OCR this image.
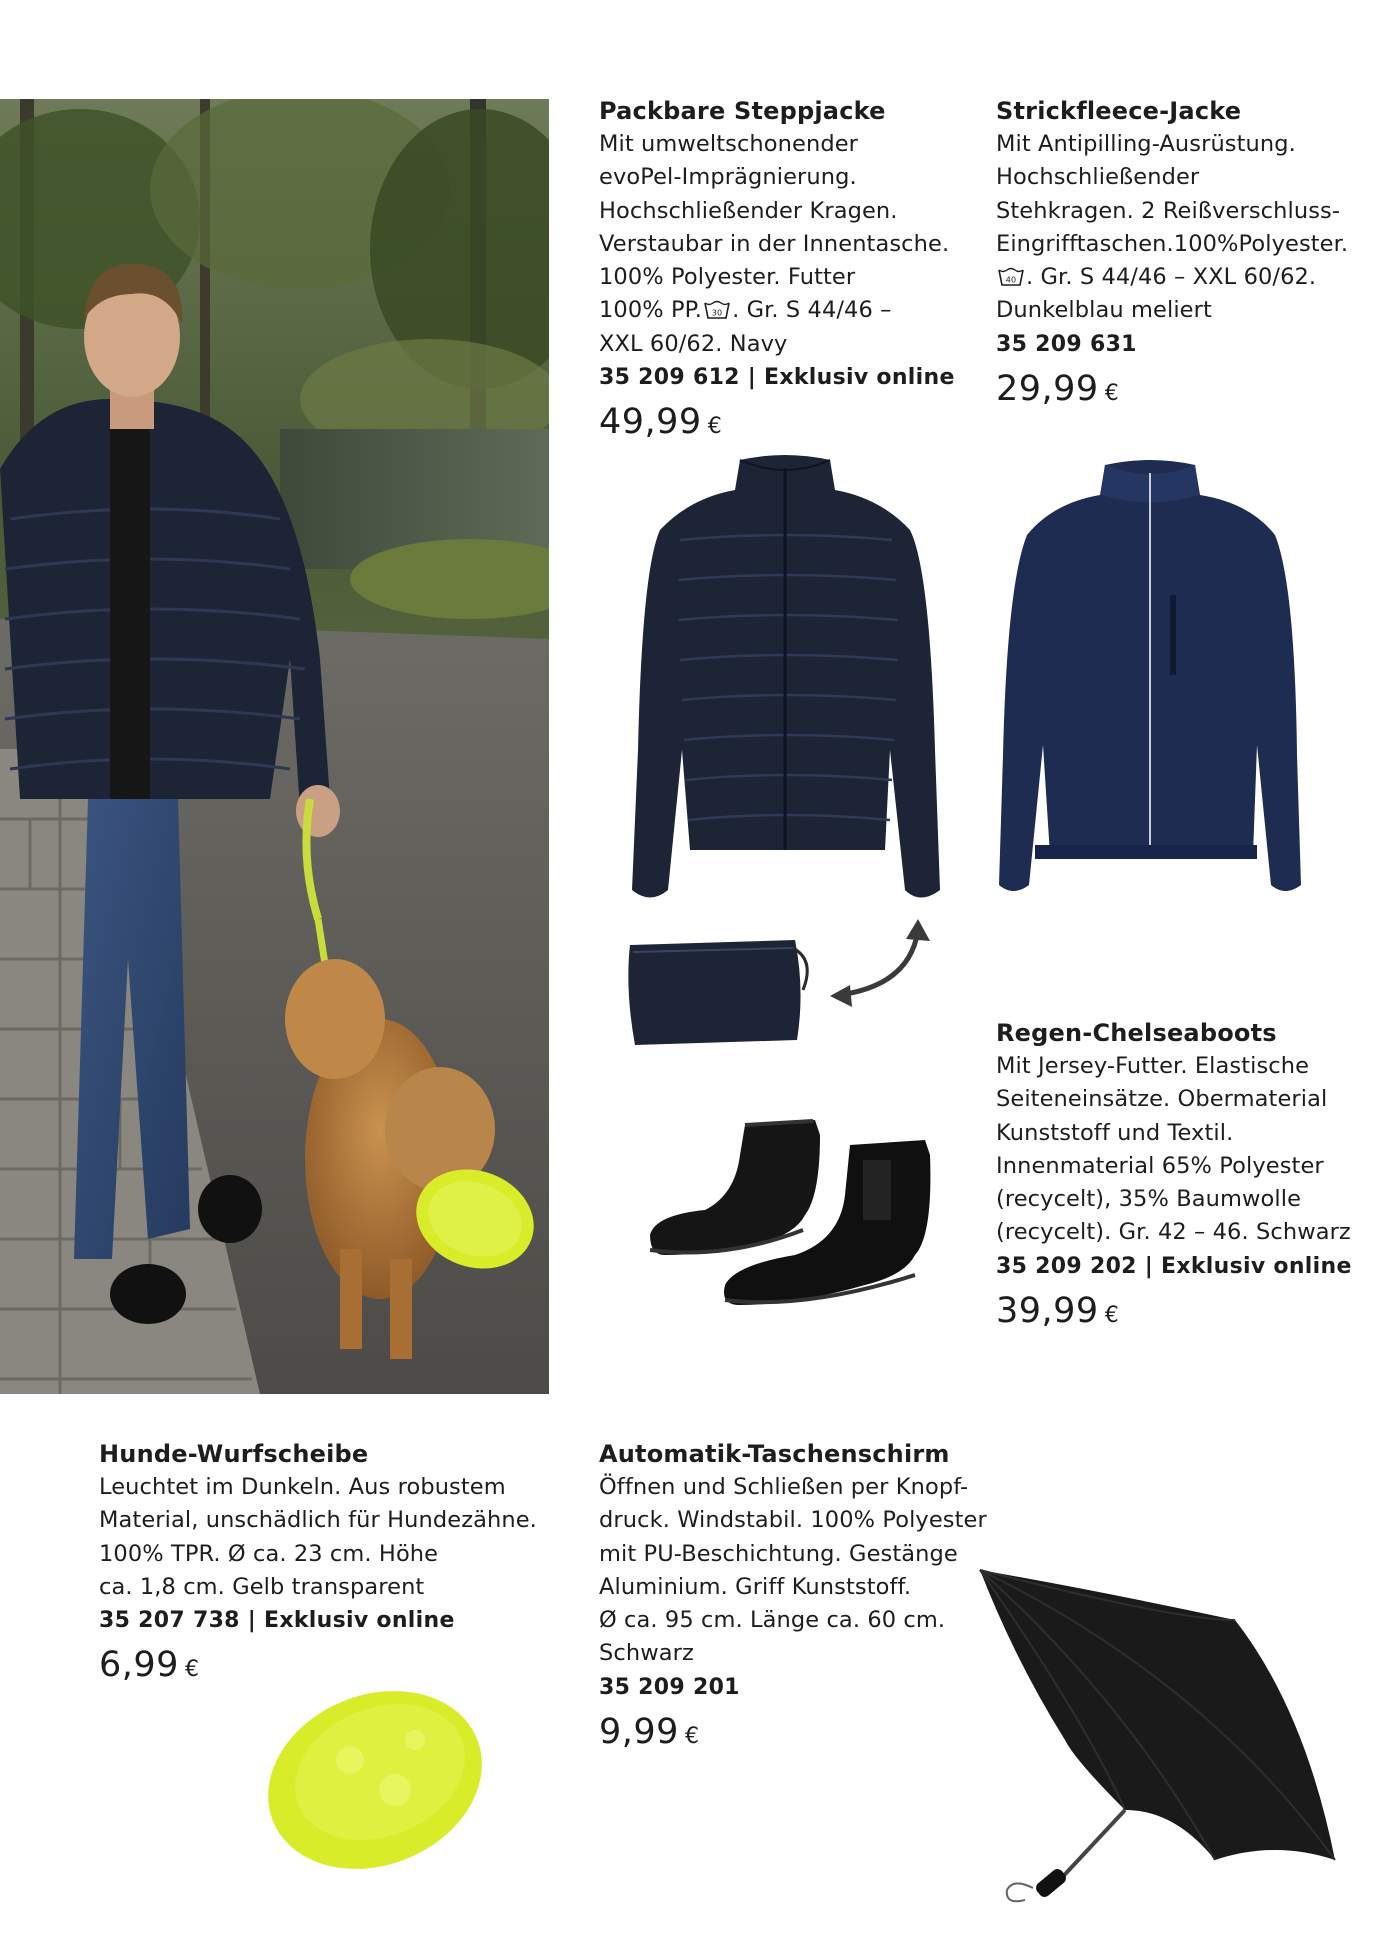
Packbare Steppjacke
Mit umweltschonender
evoPel-Imprägnierung.
Hochschließender Kragen.
Verstaubar in der Innentasche.
100% Polyester. Futter
100% PP. 30 . Gr. S 44/46 –
XXL 60/62. Navy
35 209 612 | Exklusiv online
49,99 €
Strickfleece-Jacke
Mit Antipilling-Ausrüstung.
Hochschließender
Stehkragen. 2 Reißverschluss-
Eingrifftaschen.100%Polyester.

40 . Gr. S 44/46 – XXL 60/62.
Dunkelblau meliert
35 209 631
29,99 €
Regen-Chelseaboots
Mit Jersey-Futter. Elastische
Seiteneinsätze. Obermaterial
Kunststoff und Textil.
Innenmaterial 65% Polyester
(recycelt), 35% Baumwolle
(recycelt). Gr. 42 – 46. Schwarz
35 209 202 | Exklusiv online
39,99 €
Hunde-Wurfscheibe
Leuchtet im Dunkeln. Aus robustem
Material, unschädlich für Hundezähne.
100% TPR. Ø ca. 23 cm. Höhe
ca. 1,8 cm. Gelb transparent
35 207 738 | Exklusiv online
6,99 €
Automatik-Taschenschirm
Öffnen und Schließen per Knopf-
druck. Windstabil. 100% Polyester
mit PU-Beschichtung. Gestänge
Aluminium. Griff Kunststoff.
Ø ca. 95 cm. Länge ca. 60 cm.
Schwarz
35 209 201
9,99 €
